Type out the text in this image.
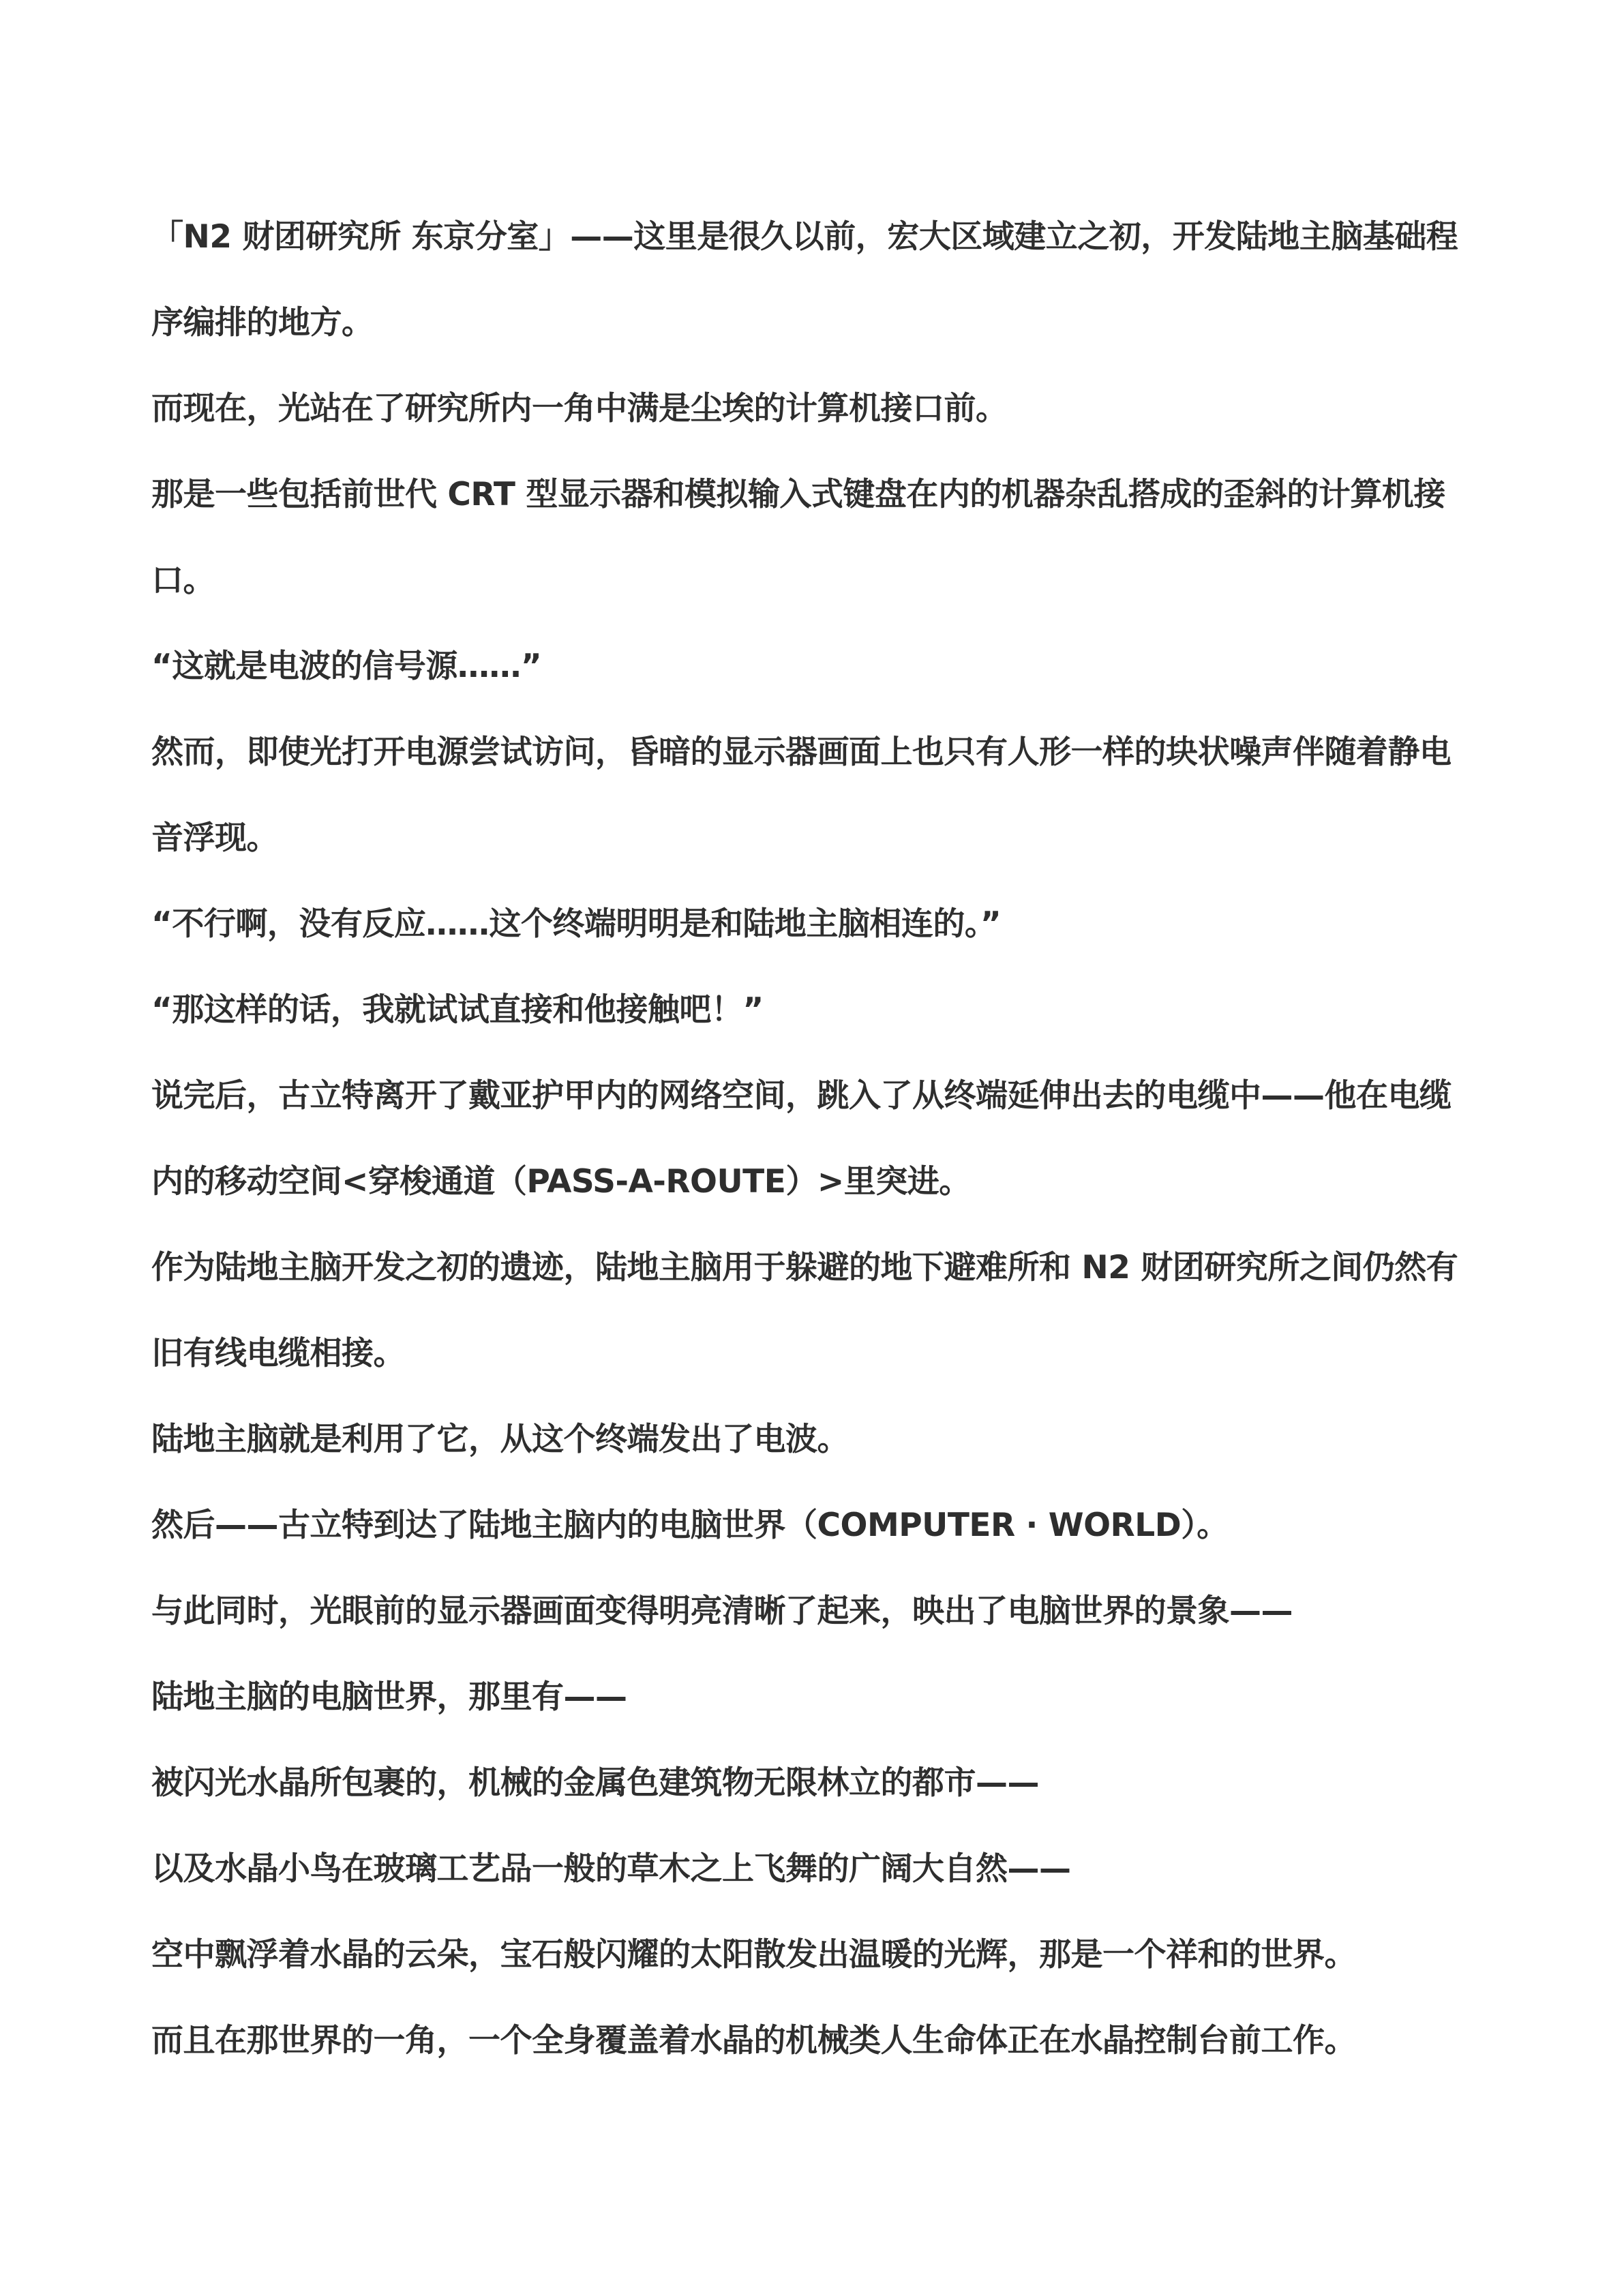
「N2 财团研究所 东京分室」——这里是很久以前，宏大区域建立之初，开发陆地主脑基础程
序编排的地方。
而现在，光站在了研究所内一角中满是尘埃的计算机接口前。
那是一些包括前世代 CRT 型显示器和模拟输入式键盘在内的机器杂乱搭成的歪斜的计算机接
口。
“这就是电波的信号源……”
然而，即使光打开电源尝试访问，昏暗的显示器画面上也只有人形一样的块状噪声伴随着静电
音浮现。
“不行啊，没有反应……这个终端明明是和陆地主脑相连的。”
“那这样的话，我就试试直接和他接触吧！”
说完后，古立特离开了戴亚护甲内的网络空间，跳入了从终端延伸出去的电缆中——他在电缆
内的移动空间<穿梭通道（PASS-A-ROUTE）>里突进。
作为陆地主脑开发之初的遗迹，陆地主脑用于躲避的地下避难所和 N2 财团研究所之间仍然有
旧有线电缆相接。
陆地主脑就是利用了它，从这个终端发出了电波。
然后——古立特到达了陆地主脑内的电脑世界（COMPUTER · WORLD）。
与此同时，光眼前的显示器画面变得明亮清晰了起来，映出了电脑世界的景象——
陆地主脑的电脑世界，那里有——
被闪光水晶所包裹的，机械的金属色建筑物无限林立的都市——
以及水晶小鸟在玻璃工艺品一般的草木之上飞舞的广阔大自然——
空中飘浮着水晶的云朵，宝石般闪耀的太阳散发出温暖的光辉，那是一个祥和的世界。
而且在那世界的一角，一个全身覆盖着水晶的机械类人生命体正在水晶控制台前工作。
